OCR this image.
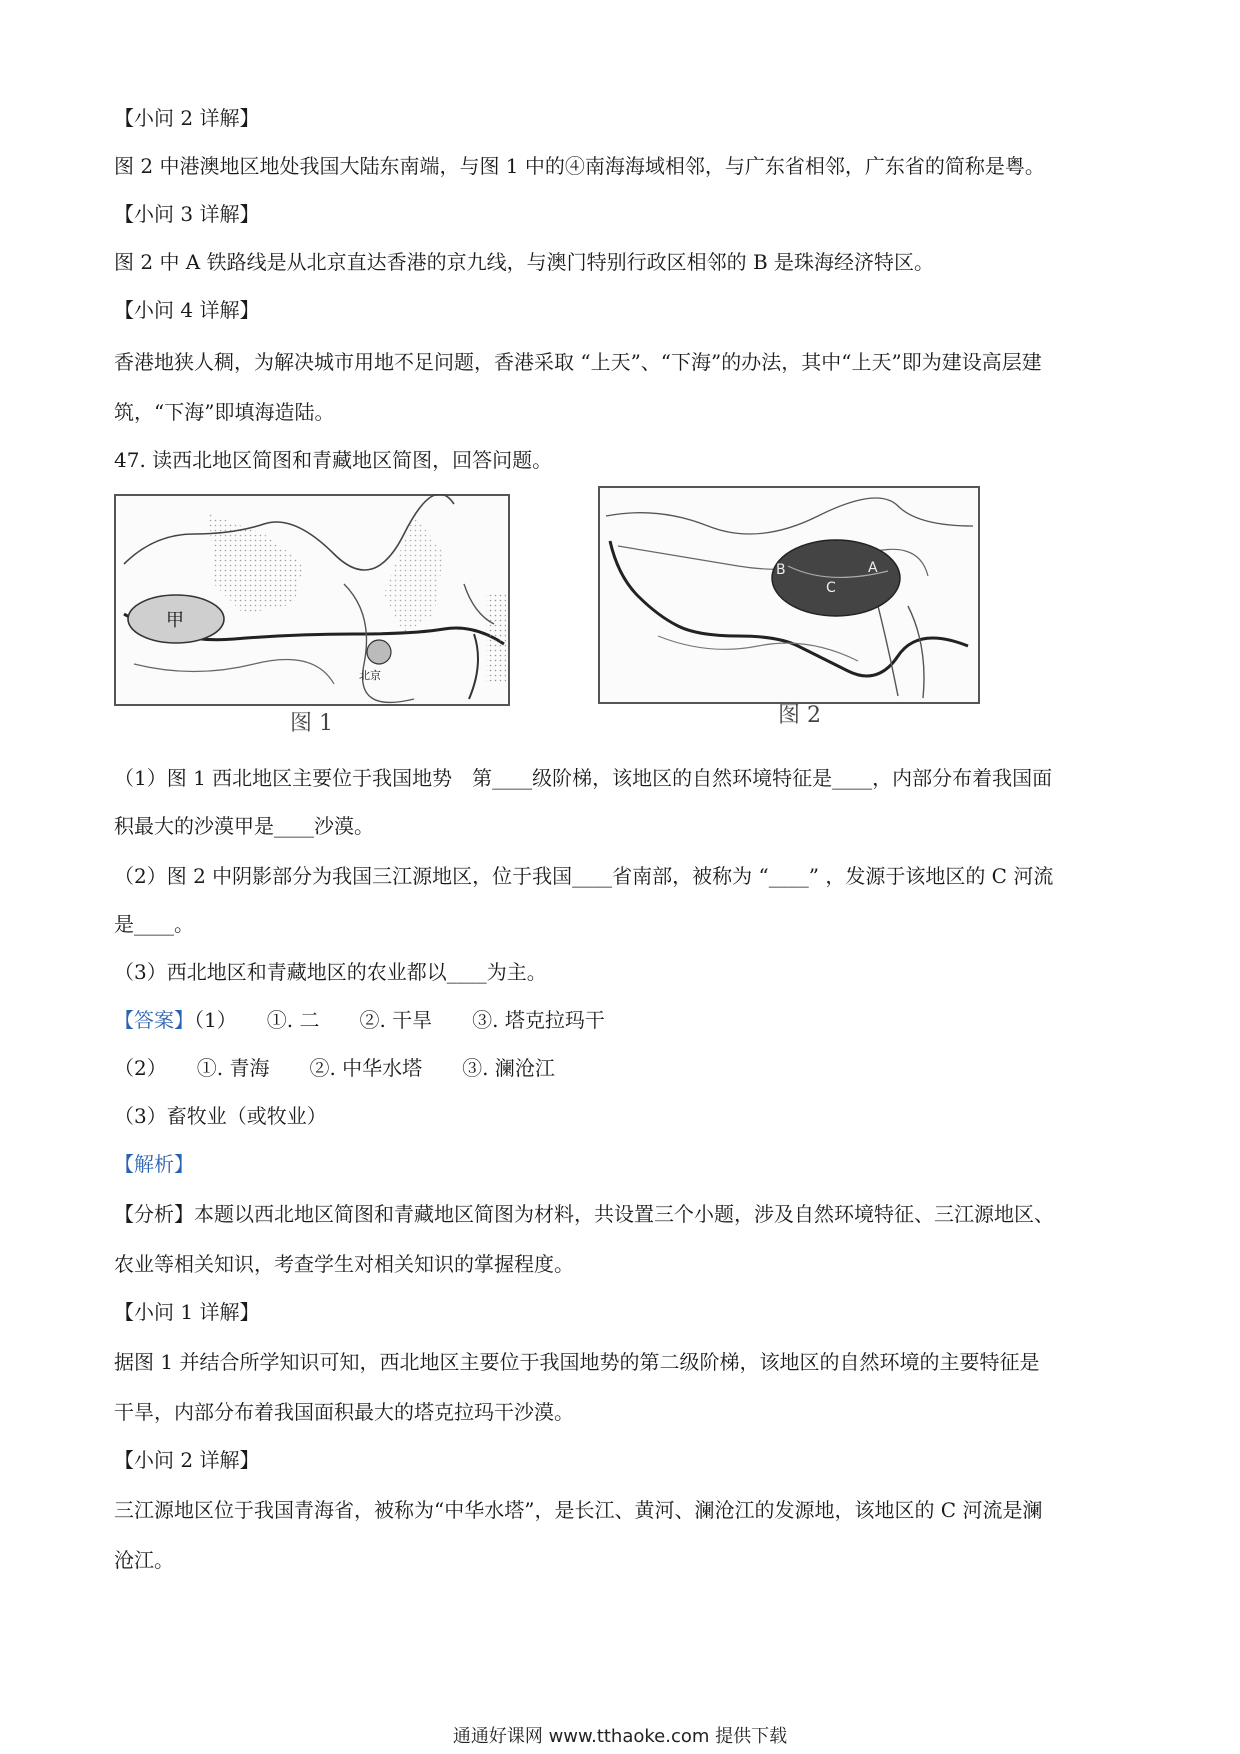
【小问 2 详解】
图 2 中港澳地区地处我国大陆东南端，与图 1 中的④南海海域相邻，与广东省相邻，广东省的简称是粤。
【小问 3 详解】
图 2 中 A 铁路线是从北京直达香港的京九线，与澳门特别行政区相邻的 B 是珠海经济特区。
【小问 4 详解】
香港地狭人稠，为解决城市用地不足问题，香港采取 “上天”、“下海”的办法，其中“上天”即为建设高层建
筑，“下海”即填海造陆。
47. 读西北地区简图和青藏地区简图，回答问题。
甲
北京
图 1
B	A
C
图 2
（1）图 1 西北地区主要位于我国地势　第____级阶梯，该地区的自然环境特征是____，内部分布着我国面
积最大的沙漠甲是____沙漠。
（2）图 2 中阴影部分为我国三江源地区，位于我国____省南部，被称为 “____” ，发源于该地区的 C 河流
是____。
（3）西北地区和青藏地区的农业都以____为主。
【答案】（1）　　①. 二　　②. 干旱　　③. 塔克拉玛干
（2）　　①. 青海　　②. 中华水塔　　③. 澜沧江
（3）畜牧业（或牧业）
【解析】
【分析】本题以西北地区简图和青藏地区简图为材料，共设置三个小题，涉及自然环境特征、三江源地区、
农业等相关知识，考查学生对相关知识的掌握程度。
【小问 1 详解】
据图 1 并结合所学知识可知，西北地区主要位于我国地势的第二级阶梯，该地区的自然环境的主要特征是
干旱，内部分布着我国面积最大的塔克拉玛干沙漠。
【小问 2 详解】
三江源地区位于我国青海省，被称为“中华水塔”，是长江、黄河、澜沧江的发源地，该地区的 C 河流是澜
沧江。
通通好课网 www.tthaoke.com 提供下载
